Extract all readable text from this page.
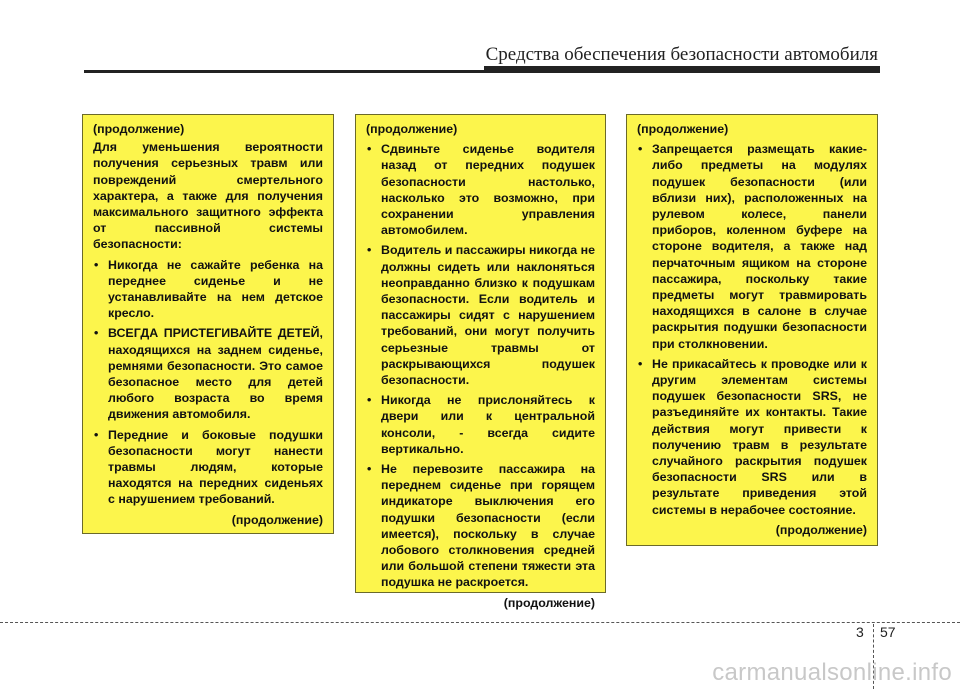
Средства обеспечения безопасности автомобиля

(продолжение)

Для уменьшения вероятности получения серьезных травм или повреждений смертельного характера, а также для получения максимального защитного эффекта от пассивной системы безопасности:

• Никогда не сажайте ребенка на переднее сиденье и не устанавливайте на нем детское кресло.
• ВСЕГДА ПРИСТЕГИВАЙТЕ ДЕТЕЙ, находящихся на заднем сиденье, ремнями безопасности. Это самое безопасное место для детей любого возраста во время движения автомобиля.
• Передние и боковые подушки безопасности могут нанести травмы людям, которые находятся на передних сиденьях с нарушением требований.

(продолжение)

(продолжение)

• Сдвиньте сиденье водителя назад от передних подушек безопасности настолько, насколько это возможно, при сохранении управления автомобилем.
• Водитель и пассажиры никогда не должны сидеть или наклоняться неоправданно близко к подушкам безопасности. Если водитель и пассажиры сидят с нарушением требований, они могут получить серьезные травмы от раскрывающихся подушек безопасности.
• Никогда не прислоняйтесь к двери или к центральной консоли, - всегда сидите вертикально.
• Не перевозите пассажира на переднем сиденье при горящем индикаторе выключения его подушки безопасности (если имеется), поскольку в случае лобового столкновения средней или большой степени тяжести эта подушка не раскроется.

(продолжение)

(продолжение)

• Запрещается размещать какие-либо предметы на модулях подушек безопасности (или вблизи них), расположенных на рулевом колесе, панели приборов, коленном буфере на стороне водителя, а также над перчаточным ящиком на стороне пассажира, поскольку такие предметы могут травмировать находящихся в салоне в случае раскрытия подушки безопасности при столкновении.
• Не прикасайтесь к проводке или к другим элементам системы подушек безопасности SRS, не разъединяйте их контакты. Такие действия могут привести к получению травм в результате случайного раскрытия подушек безопасности SRS или в результате приведения этой системы в нерабочее состояние.

(продолжение)

3 57
carmanualsonline.info
